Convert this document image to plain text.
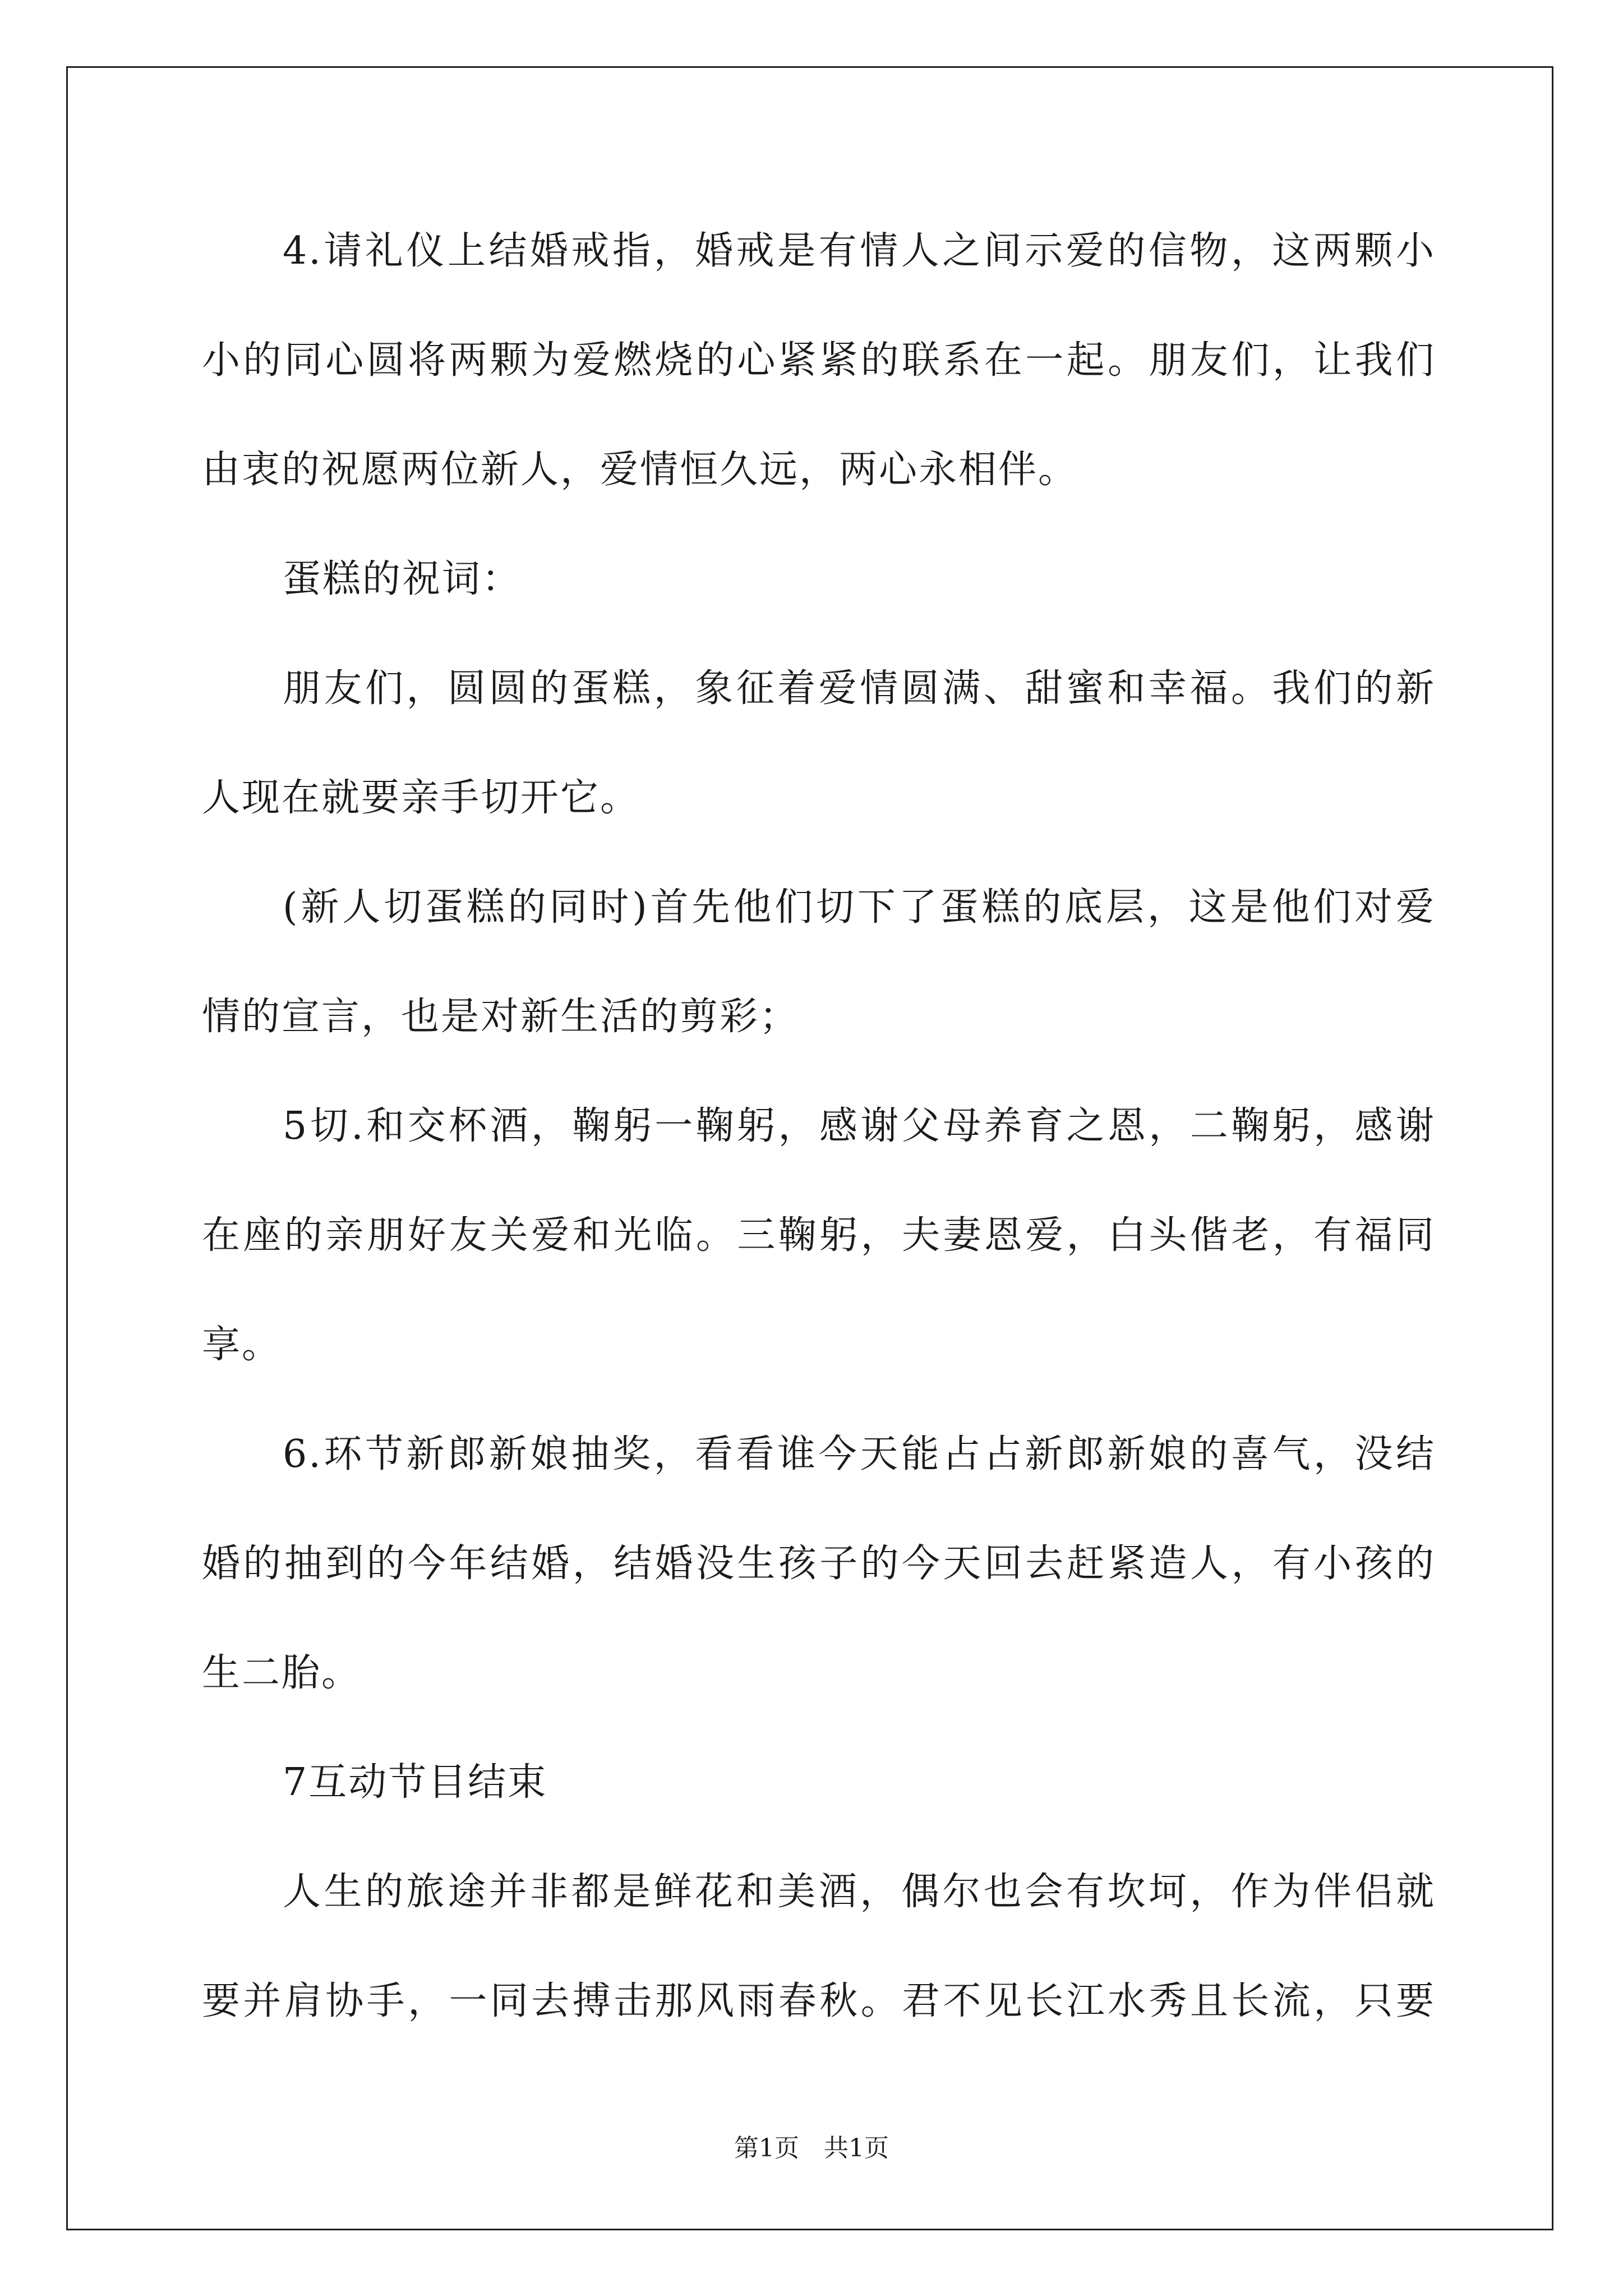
4.请礼仪上结婚戒指，婚戒是有情人之间示爱的信物，这两颗小
小的同心圆将两颗为爱燃烧的心紧紧的联系在一起。朋友们，让我们
由衷的祝愿两位新人，爱情恒久远，两心永相伴。
蛋糕的祝词：
朋友们，圆圆的蛋糕，象征着爱情圆满、甜蜜和幸福。我们的新
人现在就要亲手切开它。
(新人切蛋糕的同时)首先他们切下了蛋糕的底层，这是他们对爱
情的宣言，也是对新生活的剪彩；
5切.和交杯酒，鞠躬一鞠躬，感谢父母养育之恩，二鞠躬，感谢
在座的亲朋好友关爱和光临。三鞠躬，夫妻恩爱，白头偕老，有福同
享。
6.环节新郎新娘抽奖，看看谁今天能占占新郎新娘的喜气，没结
婚的抽到的今年结婚，结婚没生孩子的今天回去赶紧造人，有小孩的
生二胎。
7互动节目结束
人生的旅途并非都是鲜花和美酒，偶尔也会有坎坷，作为伴侣就
要并肩协手，一同去搏击那风雨春秋。君不见长江水秀且长流，只要
第1页　共1页
